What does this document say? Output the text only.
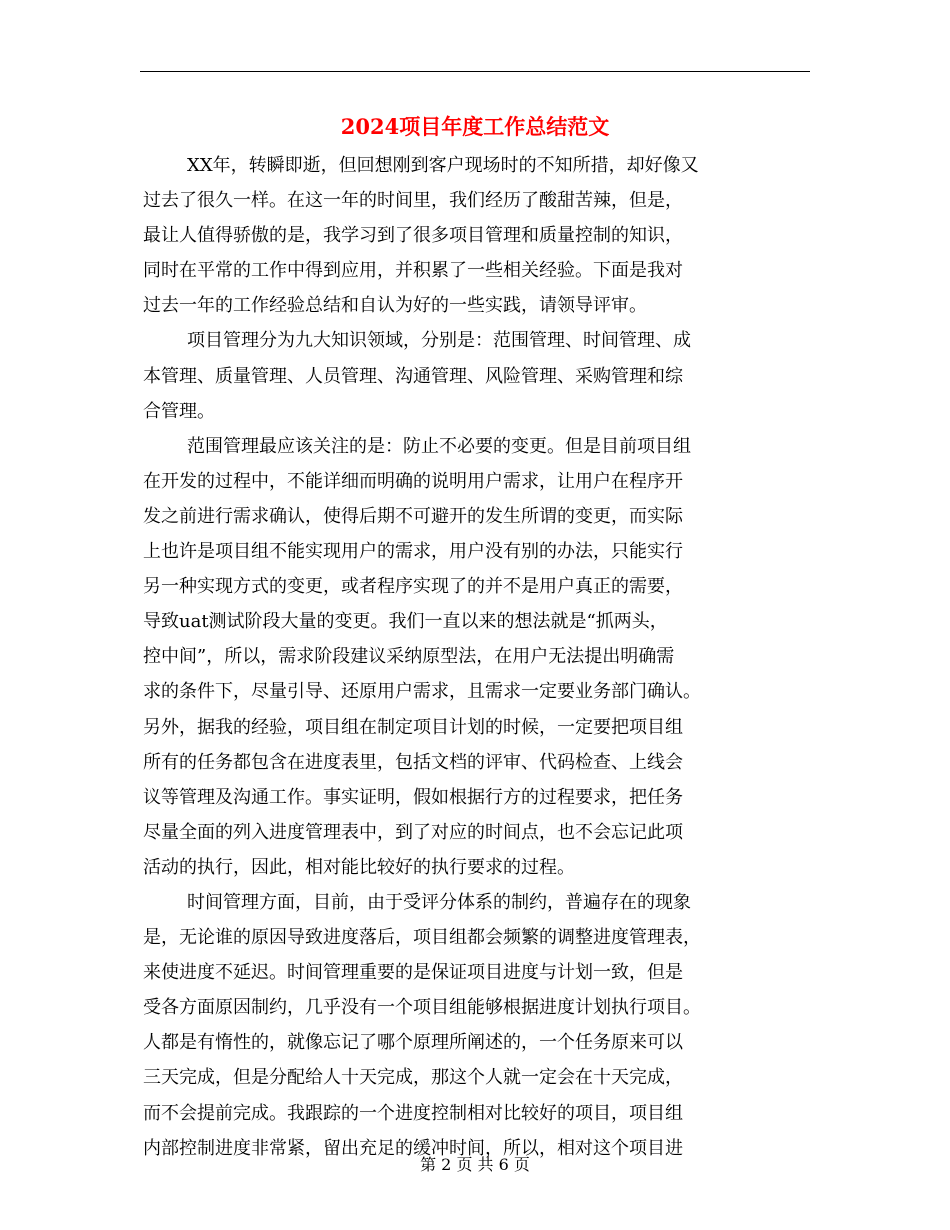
2024项目年度工作总结范文
XX年，转瞬即逝，但回想刚到客户现场时的不知所措，却好像又
过去了很久一样。在这一年的时间里，我们经历了酸甜苦辣，但是，
最让人值得骄傲的是，我学习到了很多项目管理和质量控制的知识，
同时在平常的工作中得到应用，并积累了一些相关经验。下面是我对
过去一年的工作经验总结和自认为好的一些实践，请领导评审。
项目管理分为九大知识领域，分别是：范围管理、时间管理、成
本管理、质量管理、人员管理、沟通管理、风险管理、采购管理和综
合管理。
范围管理最应该关注的是：防止不必要的变更。但是目前项目组
在开发的过程中，不能详细而明确的说明用户需求，让用户在程序开
发之前进行需求确认，使得后期不可避开的发生所谓的变更，而实际
上也许是项目组不能实现用户的需求，用户没有别的办法，只能实行
另一种实现方式的变更，或者程序实现了的并不是用户真正的需要，
导致uat测试阶段大量的变更。我们一直以来的想法就是“抓两头，
控中间”，所以，需求阶段建议采纳原型法，在用户无法提出明确需
求的条件下，尽量引导、还原用户需求，且需求一定要业务部门确认。
另外，据我的经验，项目组在制定项目计划的时候，一定要把项目组
所有的任务都包含在进度表里，包括文档的评审、代码检查、上线会
议等管理及沟通工作。事实证明，假如根据行方的过程要求，把任务
尽量全面的列入进度管理表中，到了对应的时间点，也不会忘记此项
活动的执行，因此，相对能比较好的执行要求的过程。
时间管理方面，目前，由于受评分体系的制约，普遍存在的现象
是，无论谁的原因导致进度落后，项目组都会频繁的调整进度管理表，
来使进度不延迟。时间管理重要的是保证项目进度与计划一致，但是
受各方面原因制约，几乎没有一个项目组能够根据进度计划执行项目。
人都是有惰性的，就像忘记了哪个原理所阐述的，一个任务原来可以
三天完成，但是分配给人十天完成，那这个人就一定会在十天完成，
而不会提前完成。我跟踪的一个进度控制相对比较好的项目，项目组
内部控制进度非常紧，留出充足的缓冲时间，所以，相对这个项目进
第 2 页 共 6 页
